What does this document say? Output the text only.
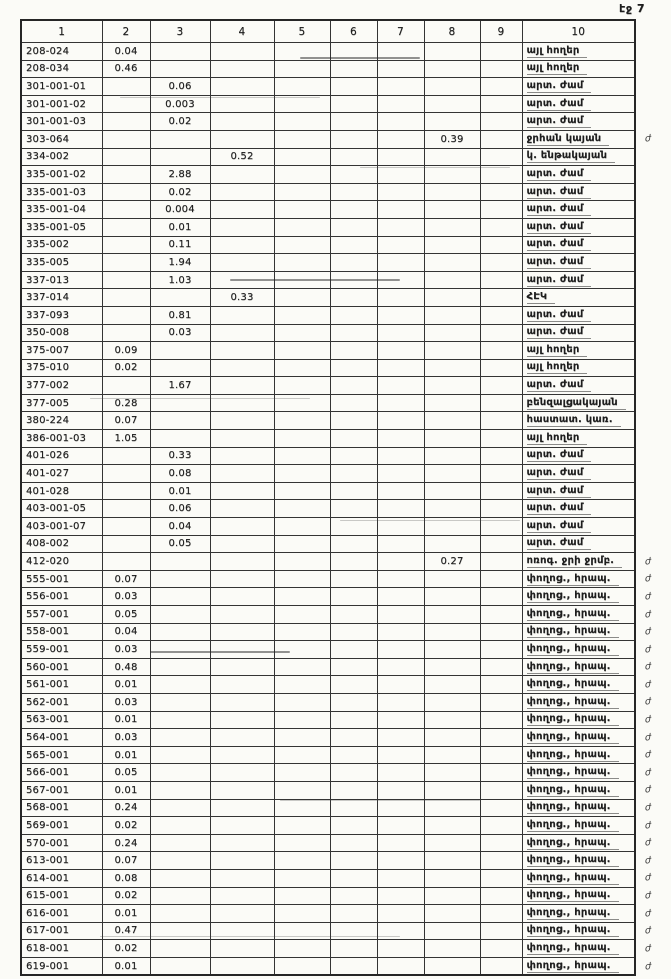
էջ 7
1	2	3	4	5	6	7	8	9	10	
208-024	0.04								այլ հողեր	
208-034	0.46								այլ հողեր	
301-001-01		0.06							արտ. ժամ	
301-001-02		0.003							արտ. ժամ	
301-001-03		0.02							արտ. ժամ	
303-064							0.39		ջրհան կայան	ժ
334-002			0.52						կ. ենթակայան	
335-001-02		2.88							արտ. ժամ	
335-001-03		0.02							արտ. ժամ	
335-001-04		0.004							արտ. ժամ	
335-001-05		0.01							արտ. ժամ	
335-002		0.11							արտ. ժամ	
335-005		1.94							արտ. ժամ	
337-013		1.03							արտ. ժամ	
337-014			0.33						ՀԷԿ	
337-093		0.81							արտ. ժամ	
350-008		0.03							արտ. ժամ	
375-007	0.09								այլ հողեր	
375-010	0.02								այլ հողեր	
377-002		1.67							արտ. ժամ	
377-005	0.28								բենզալցակայան	
380-224	0.07								հաստատ. կառ.	
386-001-03	1.05								այլ հողեր	
401-026		0.33							արտ. ժամ	
401-027		0.08							արտ. ժամ	
401-028		0.01							արտ. ժամ	
403-001-05		0.06							արտ. ժամ	
403-001-07		0.04							արտ. ժամ	
408-002		0.05							արտ. ժամ	
412-020							0.27		ոռոգ. ջրի ջրմբ.	ժ
555-001	0.07								փողոց., հրապ.	ժ
556-001	0.03								փողոց., հրապ.	ժ
557-001	0.05								փողոց., հրապ.	ժ
558-001	0.04								փողոց., հրապ.	ժ
559-001	0.03								փողոց., հրապ.	ժ
560-001	0.48								փողոց., հրապ.	ժ
561-001	0.01								փողոց., հրապ.	ժ
562-001	0.03								փողոց., հրապ.	ժ
563-001	0.01								փողոց., հրապ.	ժ
564-001	0.03								փողոց., հրապ.	ժ
565-001	0.01								փողոց., հրապ.	ժ
566-001	0.05								փողոց., հրապ.	ժ
567-001	0.01								փողոց., հրապ.	ժ
568-001	0.24								փողոց., հրապ.	ժ
569-001	0.02								փողոց., հրապ.	ժ
570-001	0.24								փողոց., հրապ.	ժ
613-001	0.07								փողոց., հրապ.	ժ
614-001	0.08								փողոց., հրապ.	ժ
615-001	0.02								փողոց., հրապ.	ժ
616-001	0.01								փողոց., հրապ.	ժ
617-001	0.47								փողոց., հրապ.	ժ
618-001	0.02								փողոց., հրապ.	ժ
619-001	0.01								փողոց., հրապ.	ժ
